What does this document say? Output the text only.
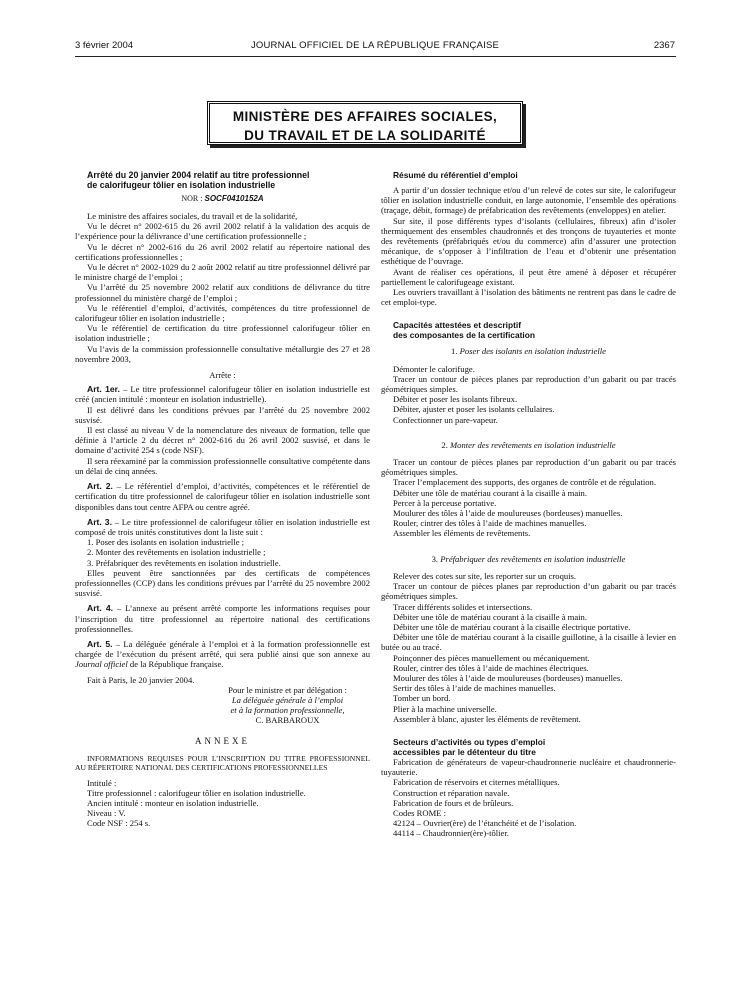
3 février 2004	JOURNAL OFFICIEL DE LA RÉPUBLIQUE FRANÇAISE	2367
MINISTÈRE DES AFFAIRES SOCIALES,
DU TRAVAIL ET DE LA SOLIDARITÉ

Arrêté du 20 janvier 2004 relatif au titre professionnel

de calorifugeur tôlier en isolation industrielle

NOR : SOCF0410152A

Le ministre des affaires sociales, du travail et de la solidarité,

Vu le décret n° 2002-615 du 26 avril 2002 relatif à la validation des acquis de l’expérience pour la délivrance d’une certification professionnelle ;

Vu le décret n° 2002-616 du 26 avril 2002 relatif au répertoire national des certifications professionnelles ;

Vu le décret n° 2002-1029 du 2 août 2002 relatif au titre professionnel délivré par le ministre chargé de l’emploi ;

Vu l’arrêté du 25 novembre 2002 relatif aux conditions de délivrance du titre professionnel du ministère chargé de l’emploi ;

Vu le référentiel d’emploi, d’activités, compétences du titre professionnel de calorifugeur tôlier en isolation industrielle ;

Vu le référentiel de certification du titre professionnel calorifugeur tôlier en isolation industrielle ;

Vu l’avis de la commission professionnelle consultative métallurgie des 27 et 28 novembre 2003,

Arrête :

Art. 1er. – Le titre professionnel calorifugeur tôlier en isolation industrielle est créé (ancien intitulé : monteur en isolation industrielle).

Il est délivré dans les conditions prévues par l’arrêté du 25 novembre 2002 susvisé.

Il est classé au niveau V de la nomenclature des niveaux de formation, telle que définie à l’article 2 du décret n° 2002-616 du 26 avril 2002 susvisé, et dans le domaine d’activité 254 s (code NSF).

Il sera réexaminé par la commission professionnelle consultative compétente dans un délai de cinq années.

Art. 2. – Le référentiel d’emploi, d’activités, compétences et le référentiel de certification du titre professionnel de calorifugeur tôlier en isolation industrielle sont disponibles dans tout centre AFPA ou centre agréé.

Art. 3. – Le titre professionnel de calorifugeur tôlier en isolation industrielle est composé de trois unités constitutives dont la liste suit :

1. Poser des isolants en isolation industrielle ;

2. Monter des revêtements en isolation industrielle ;

3. Préfabriquer des revêtements en isolation industrielle.

Elles peuvent être sanctionnées par des certificats de compétences professionnelles (CCP) dans les conditions prévues par l’arrêté du 25 novembre 2002 susvisé.

Art. 4. – L’annexe au présent arrêté comporte les informations requises pour l’inscription du titre professionnel au répertoire national des certifications professionnelles.

Art. 5. – La déléguée générale à l’emploi et à la formation professionnelle est chargée de l’exécution du présent arrêté, qui sera publié ainsi que son annexe au Journal officiel de la République française.

Fait à Paris, le 20 janvier 2004.

Pour le ministre et par délégation :
La déléguée générale à l’emploi
et à la formation professionnelle,
C. BARBAROUX
ANNEXE

INFORMATIONS REQUISES POUR L’INSCRIPTION DU TITRE PROFESSIONNEL AU RÉPERTOIRE NATIONAL DES CERTIFICATIONS PROFESSIONNELLES

Intitulé :

Titre professionnel : calorifugeur tôlier en isolation industrielle.

Ancien intitulé : monteur en isolation industrielle.

Niveau : V.

Code NSF : 254 s.

Résumé du référentiel d’emploi

A partir d’un dossier technique et/ou d’un relevé de cotes sur site, le calorifugeur tôlier en isolation industrielle conduit, en large autonomie, l’ensemble des opérations (traçage, débit, formage) de préfabrication des revêtements (enveloppes) en atelier.

Sur site, il pose différents types d’isolants (cellulaires, fibreux) afin d’isoler thermiquement des ensembles chaudronnés et des tronçons de tuyauteries et monte des revêtements (préfabriqués et/ou du commerce) afin d’assurer une protection mécanique, de s’opposer à l’infiltration de l’eau et d’obtenir une présentation esthétique de l’ouvrage.

Avant de réaliser ces opérations, il peut être amené à déposer et récupérer partiellement le calorifugeage existant.

Les ouvriers travaillant à l’isolation des bâtiments ne rentrent pas dans le cadre de cet emploi-type.

Capacités attestées et descriptif

des composantes de la certification

1. Poser des isolants en isolation industrielle

Démonter le calorifuge.

Tracer un contour de pièces planes par reproduction d’un gabarit ou par tracés géométriques simples.

Débiter et poser les isolants fibreux.

Débiter, ajuster et poser les isolants cellulaires.

Confectionner un pare-vapeur.

2. Monter des revêtements en isolation industrielle

Tracer un contour de pièces planes par reproduction d’un gabarit ou par tracés géométriques simples.

Tracer l’emplacement des supports, des organes de contrôle et de régulation.

Débiter une tôle de matériau courant à la cisaille à main.

Percer à la perceuse portative.

Moulurer des tôles à l’aide de moulureuses (bordeuses) manuelles.

Rouler, cintrer des tôles à l’aide de machines manuelles.

Assembler les éléments de revêtements.

3. Préfabriquer des revêtements en isolation industrielle

Relever des cotes sur site, les reporter sur un croquis.

Tracer un contour de pièces planes par reproduction d’un gabarit ou par tracés géométriques simples.

Tracer différents solides et intersections.

Débiter une tôle de matériau courant à la cisaille à main.

Débiter une tôle de matériau courant à la cisaille électrique portative.

Débiter une tôle de matériau courant à la cisaille guillotine, à la cisaille à levier en butée ou au tracé.

Poinçonner des pièces manuellement ou mécaniquement.

Rouler, cintrer des tôles à l’aide de machines électriques.

Moulurer des tôles à l’aide de moulureuses (bordeuses) manuelles.

Sertir des tôles à l’aide de machines manuelles.

Tomber un bord.

Plier à la machine universelle.

Assembler à blanc, ajuster les éléments de revêtement.

Secteurs d’activités ou types d’emploi

accessibles par le détenteur du titre

Fabrication de générateurs de vapeur-chaudronnerie nucléaire et chaudronnerie-tuyauterie.

Fabrication de réservoirs et citernes métalliques.

Construction et réparation navale.

Fabrication de fours et de brûleurs.

Codes ROME :

42124 – Ouvrier(ère) de l’étanchéité et de l’isolation.

44114 – Chaudronnier(ère)-tôlier.
